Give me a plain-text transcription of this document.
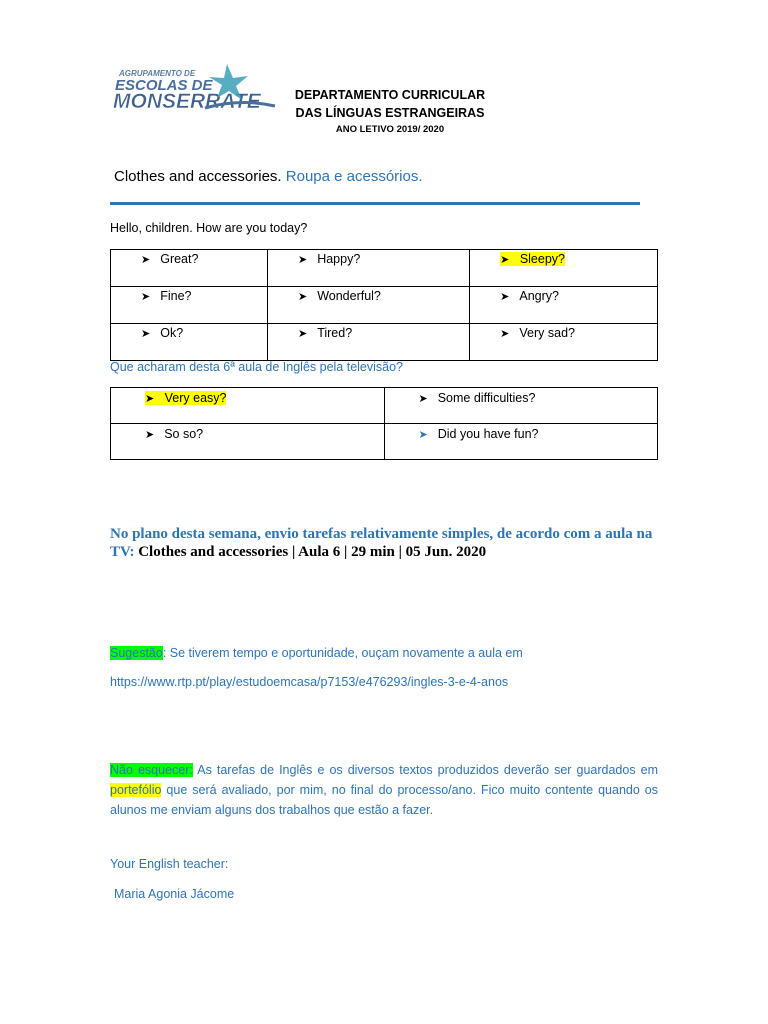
AGRUPAMENTO DE
ESCOLAS DE
MONSERRATE	DEPARTAMENTO CURRICULAR
DAS LÍNGUAS ESTRANGEIRAS
ANO LETIVO 2019/ 2020
Clothes and accessories. Roupa e acessórios.
Hello, children. How are you today?
➤ Great?	➤ Happy?	➤ Sleepy?

➤ Fine?	➤ Wonderful?	➤ Angry?

➤ Ok?	➤ Tired?	➤ Very sad?
Que acharam desta 6ª aula de Inglês pela televisão?
➤ Very easy?	➤ Some difficulties?

➤ So so?	➤ Did you have fun?
No plano desta semana, envio tarefas relativamente simples, de acordo com a aula na TV: Clothes and accessories | Aula 6 | 29 min | 05 Jun. 2020
Sugestão: Se tiverem tempo e oportunidade, ouçam novamente a aula em
https://www.rtp.pt/play/estudoemcasa/p7153/e476293/ingles-3-e-4-anos
Não esquecer: As tarefas de Inglês e os diversos textos produzidos deverão ser guardados em portefólio que será avaliado, por mim, no final do processo/ano. Fico muito contente quando os alunos me enviam alguns dos trabalhos que estão a fazer.
Your English teacher:
Maria Agonia Jácome
